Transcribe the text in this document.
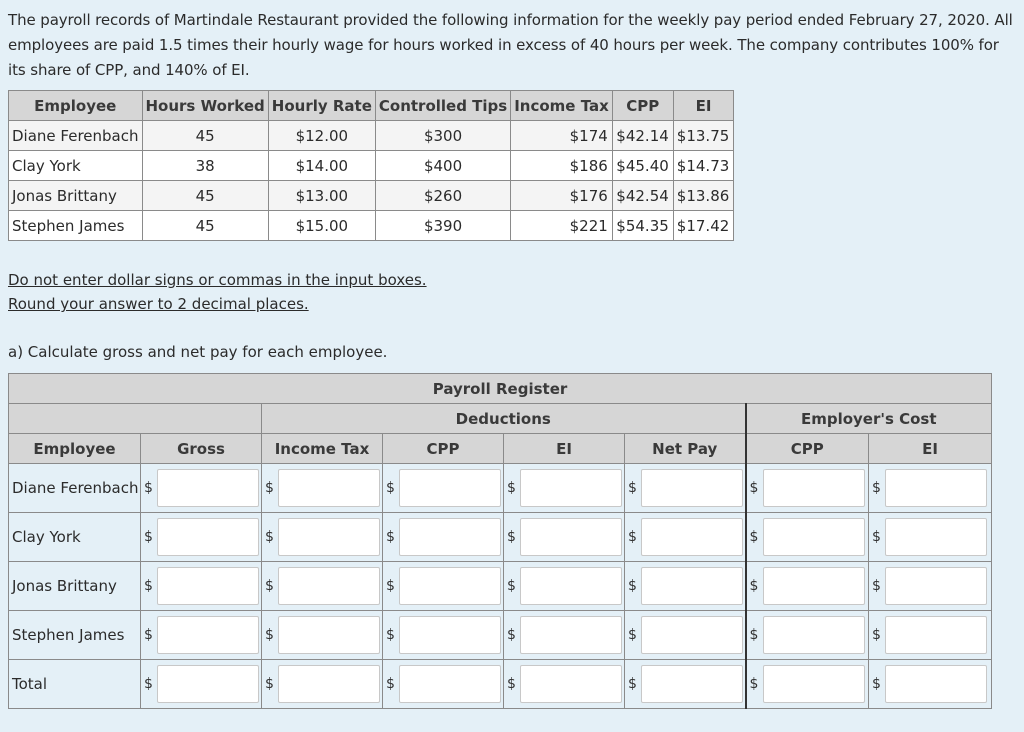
The payroll records of Martindale Restaurant provided the following information for the weekly pay period ended February 27, 2020. All employees are paid 1.5 times their hourly wage for hours worked in excess of 40 hours per week. The company contributes 100% for its share of CPP, and 140% of EI.
Employee	Hours Worked	Hourly Rate	Controlled Tips	Income Tax	CPP	EI
Diane Ferenbach	45	$12.00	$300	$174	$42.14	$13.75
Clay York	38	$14.00	$400	$186	$45.40	$14.73
Jonas Brittany	45	$13.00	$260	$176	$42.54	$13.86
Stephen James	45	$15.00	$390	$221	$54.35	$17.42
Do not enter dollar signs or commas in the input boxes.
Round your answer to 2 decimal places.
a) Calculate gross and net pay for each employee.
Payroll Register							
		Deductions				Employer's Cost	
Employee	Gross	Income Tax	CPP	EI	Net Pay	CPP	EI
Diane Ferenbach	$	$	$	$	$	$	$

Clay York	$	$	$	$	$	$	$

Jonas Brittany	$	$	$	$	$	$	$

Stephen James	$	$	$	$	$	$	$

Total	$	$	$	$	$	$	$
